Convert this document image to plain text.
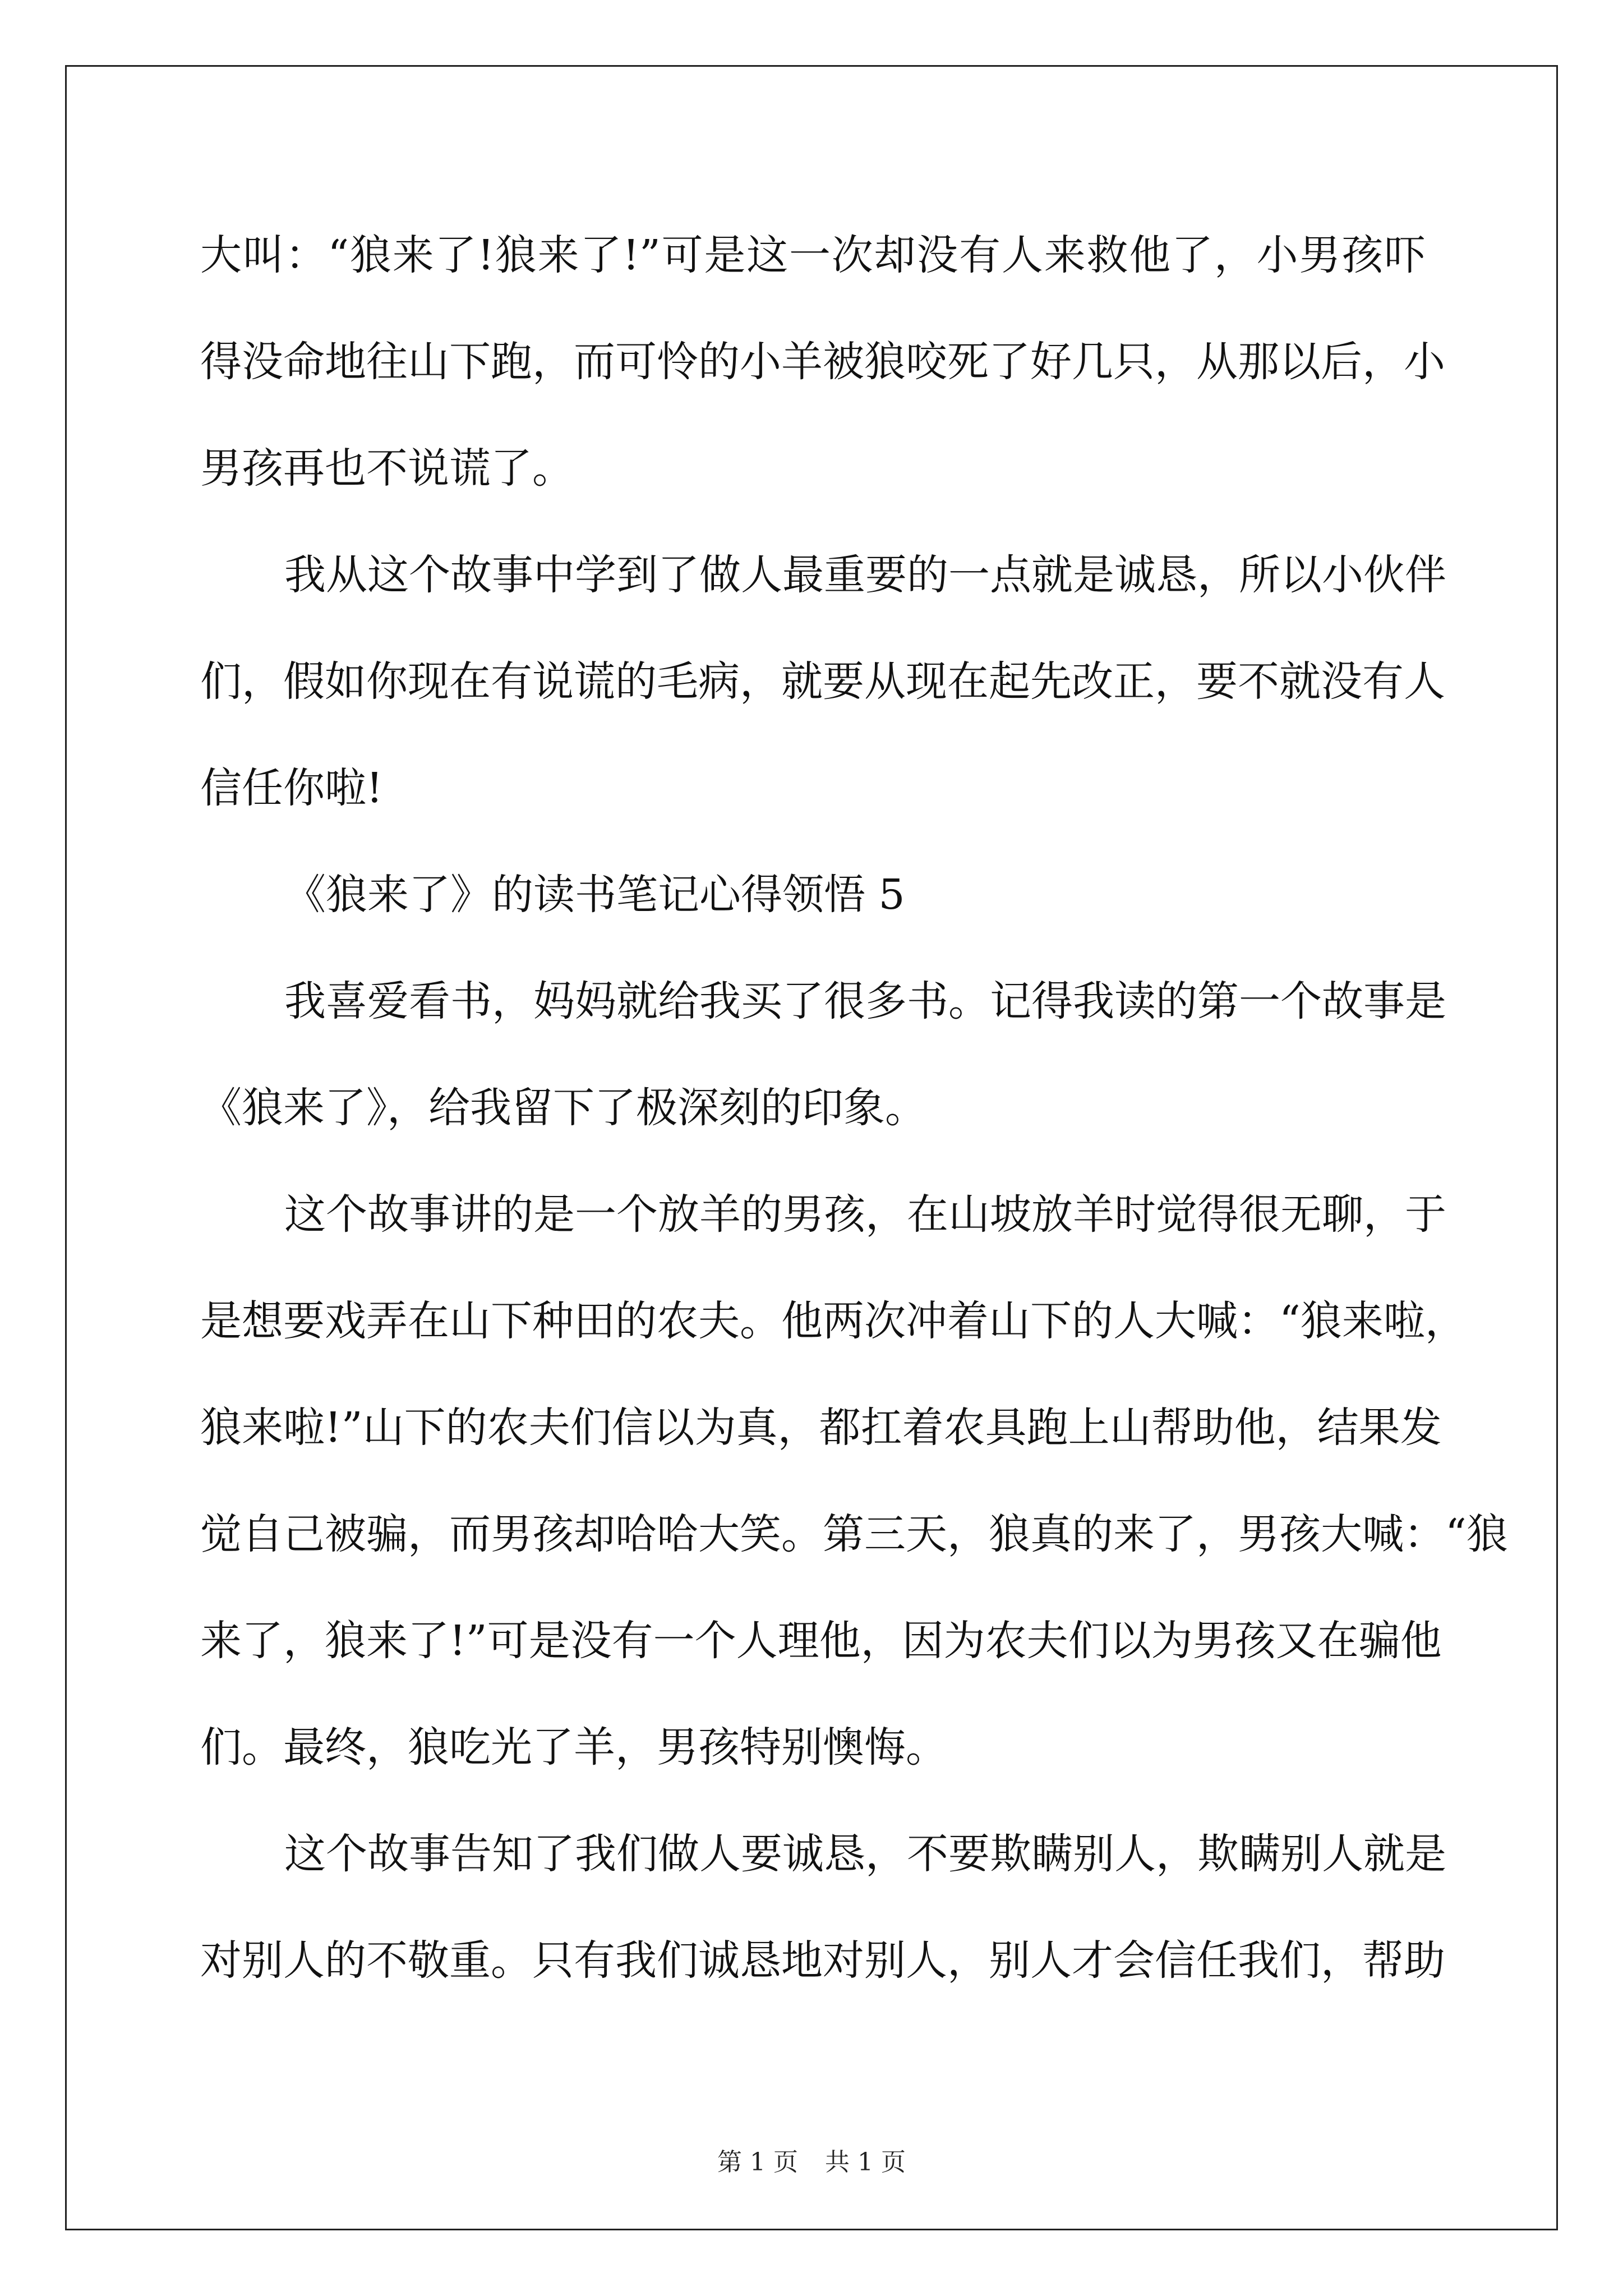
大叫：“狼来了!狼来了!”可是这一次却没有人来救他了，小男孩吓
得没命地往山下跑，而可怜的小羊被狼咬死了好几只，从那以后，小
男孩再也不说谎了。
我从这个故事中学到了做人最重要的一点就是诚恳，所以小伙伴
们，假如你现在有说谎的毛病，就要从现在起先改正，要不就没有人
信任你啦!
《狼来了》的读书笔记心得领悟 5
我喜爱看书，妈妈就给我买了很多书。记得我读的第一个故事是
《狼来了》，给我留下了极深刻的印象。
这个故事讲的是一个放羊的男孩，在山坡放羊时觉得很无聊，于
是想要戏弄在山下种田的农夫。他两次冲着山下的人大喊：“狼来啦，
狼来啦!”山下的农夫们信以为真，都扛着农具跑上山帮助他，结果发
觉自己被骗，而男孩却哈哈大笑。第三天，狼真的来了，男孩大喊：“狼
来了，狼来了!”可是没有一个人理他，因为农夫们以为男孩又在骗他
们。最终，狼吃光了羊，男孩特别懊悔。
这个故事告知了我们做人要诚恳，不要欺瞒别人，欺瞒别人就是
对别人的不敬重。只有我们诚恳地对别人，别人才会信任我们，帮助
第 1 页 共 1 页
